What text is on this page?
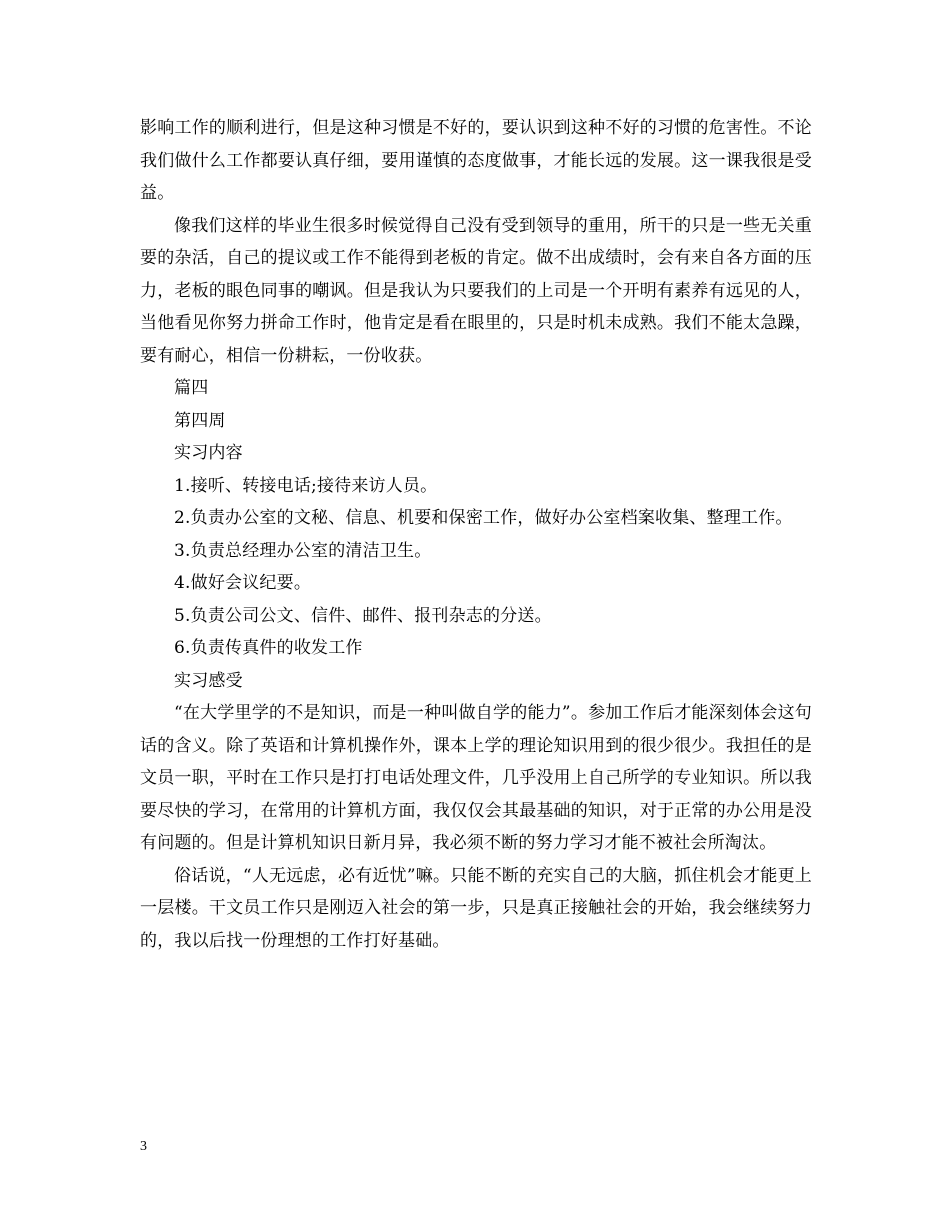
影响工作的顺利进行，但是这种习惯是不好的，要认识到这种不好的习惯的危害性。不论我们做什么工作都要认真仔细，要用谨慎的态度做事，才能长远的发展。这一课我很是受益。

像我们这样的毕业生很多时候觉得自己没有受到领导的重用，所干的只是一些无关重要的杂活，自己的提议或工作不能得到老板的肯定。做不出成绩时，会有来自各方面的压力，老板的眼色同事的嘲讽。但是我认为只要我们的上司是一个开明有素养有远见的人，当他看见你努力拼命工作时，他肯定是看在眼里的，只是时机未成熟。我们不能太急躁，要有耐心，相信一份耕耘，一份收获。

篇四

第四周

实习内容

1.接听、转接电话;接待来访人员。

2.负责办公室的文秘、信息、机要和保密工作，做好办公室档案收集、整理工作。

3.负责总经理办公室的清洁卫生。

4.做好会议纪要。

5.负责公司公文、信件、邮件、报刊杂志的分送。

6.负责传真件的收发工作

实习感受

“在大学里学的不是知识，而是一种叫做自学的能力”。参加工作后才能深刻体会这句话的含义。除了英语和计算机操作外，课本上学的理论知识用到的很少很少。我担任的是文员一职，平时在工作只是打打电话处理文件，几乎没用上自己所学的专业知识。所以我要尽快的学习，在常用的计算机方面，我仅仅会其最基础的知识，对于正常的办公用是没有问题的。但是计算机知识日新月异，我必须不断的努力学习才能不被社会所淘汰。

俗话说，“人无远虑，必有近忧”嘛。只能不断的充实自己的大脑，抓住机会才能更上一层楼。干文员工作只是刚迈入社会的第一步，只是真正接触社会的开始，我会继续努力的，我以后找一份理想的工作打好基础。

3
